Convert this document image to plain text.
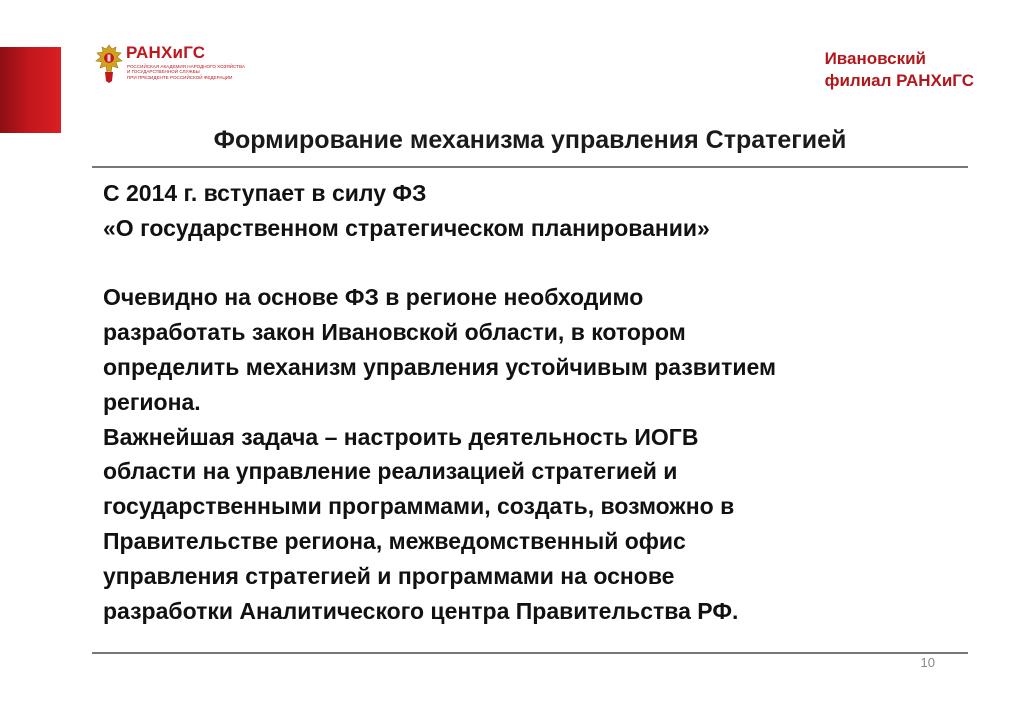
РАНХиГС
РОССИЙСКАЯ АКАДЕМИЯ НАРОДНОГО ХОЗЯЙСТВА
И ГОСУДАРСТВЕННОЙ СЛУЖБЫ
ПРИ ПРЕЗИДЕНТЕ РОССИЙСКОЙ ФЕДЕРАЦИИ
Ивановский
филиал РАНХиГС
Формирование механизма управления Стратегией
С 2014 г. вступает в силу ФЗ
«О государственном стратегическом планировании»
Очевидно на основе ФЗ в регионе необходимо
разработать закон Ивановской области, в котором
определить механизм управления устойчивым развитием
региона.
Важнейшая задача – настроить деятельность ИОГВ
области на управление реализацией стратегией и
государственными программами, создать, возможно в
Правительстве региона, межведомственный офис
управления стратегией и программами на основе
разработки Аналитического центра Правительства РФ.
10
